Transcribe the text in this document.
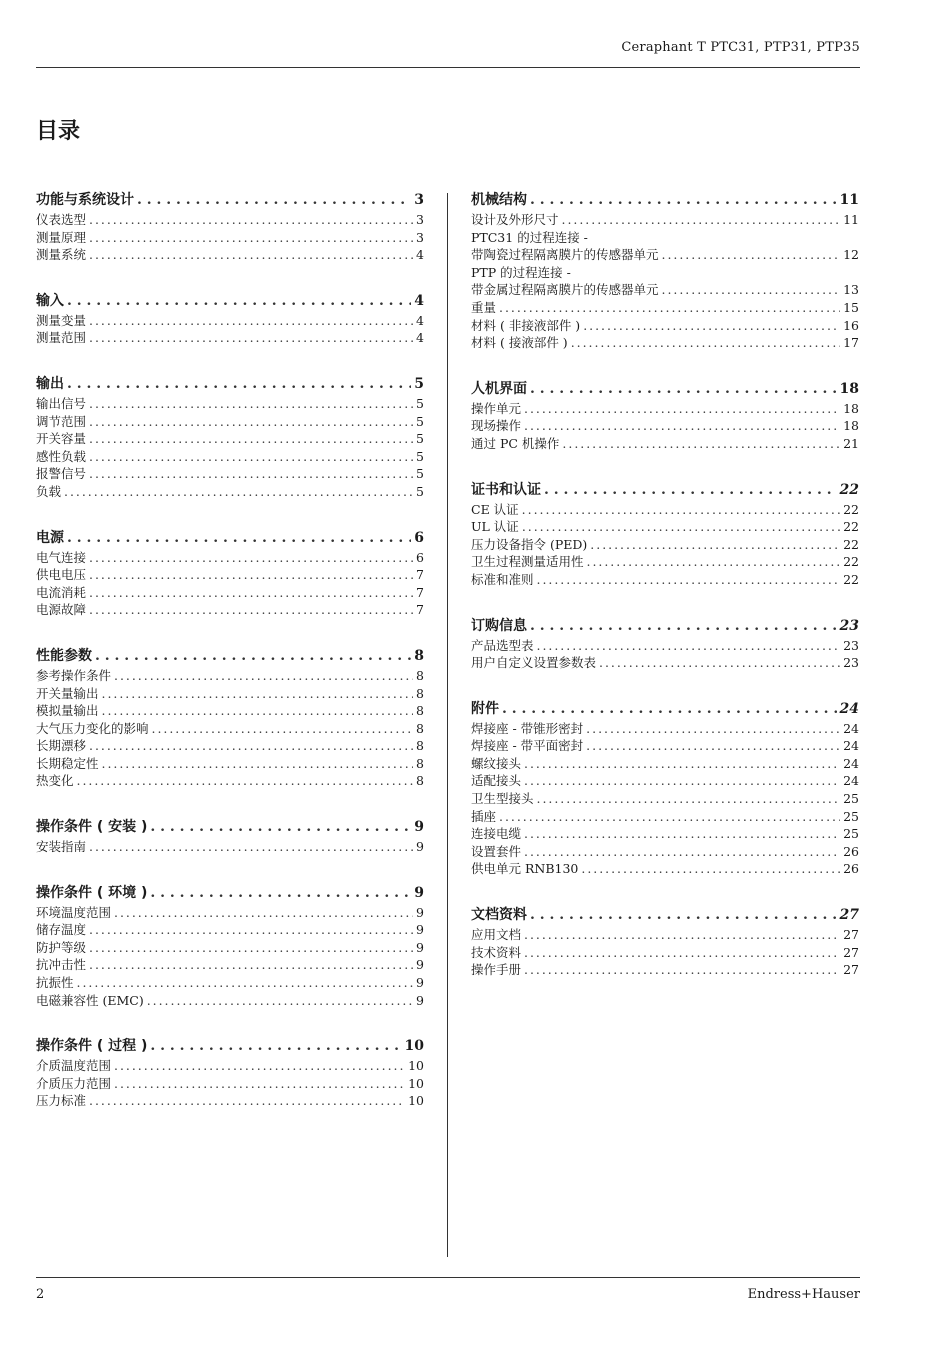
Ceraphant T PTC31, PTP31, PTP35
目录
功能与系统设计 . . .	3
仪表选型 . . .	3
测量原理 . . .	3
测量系统 . . .	4
输入 . . .	4
测量变量 . . .	4
测量范围 . . .	4
输出 . . .	5
输出信号 . . .	5
调节范围 . . .	5
开关容量 . . .	5
感性负载 . . .	5
报警信号 . . .	5
负载 . . .	5
电源 . . .	6
电气连接 . . .	6
供电电压 . . .	7
电流消耗 . . .	7
电源故障 . . .	7
性能参数 . . .	8
参考操作条件 . . .	8
开关量输出 . . .	8
模拟量输出 . . .	8
大气压力变化的影响 . . .	8
长期漂移 . . .	8
长期稳定性 . . .	8
热变化 . . .	8
操作条件 ( 安装 ) . . .	9
安装指南 . . .	9
操作条件 ( 环境 ) . . .	9
环境温度范围 . . .	9
储存温度 . . .	9
防护等级 . . .	9
抗冲击性 . . .	9
抗振性 . . .	9
电磁兼容性 (EMC) . . .	9
操作条件 ( 过程 ) . . .	10
介质温度范围 . . .	10
介质压力范围 . . .	10
压力标准 . . .	10
机械结构 . . .	11
设计及外形尺寸 . . .	11
PTC31 的过程连接 -
带陶瓷过程隔离膜片的传感器单元 . . .	12
PTP 的过程连接 -
带金属过程隔离膜片的传感器单元 . . .	13
重量 . . .	15
材料 ( 非接液部件 ) . . .	16
材料 ( 接液部件 ) . . .	17
人机界面 . . .	18
操作单元 . . .	18
现场操作 . . .	18
通过 PC 机操作 . . .	21
证书和认证 . . .	22
CE 认证 . . .	22
UL 认证 . . .	22
压力设备指令 (PED) . . .	22
卫生过程测量适用性 . . .	22
标准和准则 . . .	22
订购信息 . . .	23
产品选型表 . . .	23
用户自定义设置参数表 . . .	23
附件 . . .	24
焊接座 - 带锥形密封 . . .	24
焊接座 - 带平面密封 . . .	24
螺纹接头 . . .	24
适配接头 . . .	24
卫生型接头 . . .	25
插座 . . .	25
连接电缆 . . .	25
设置套件 . . .	26
供电单元 RNB130 . . .	26
文档资料 . . .	27
应用文档 . . .	27
技术资料 . . .	27
操作手册 . . .	27
2	Endress+Hauser
